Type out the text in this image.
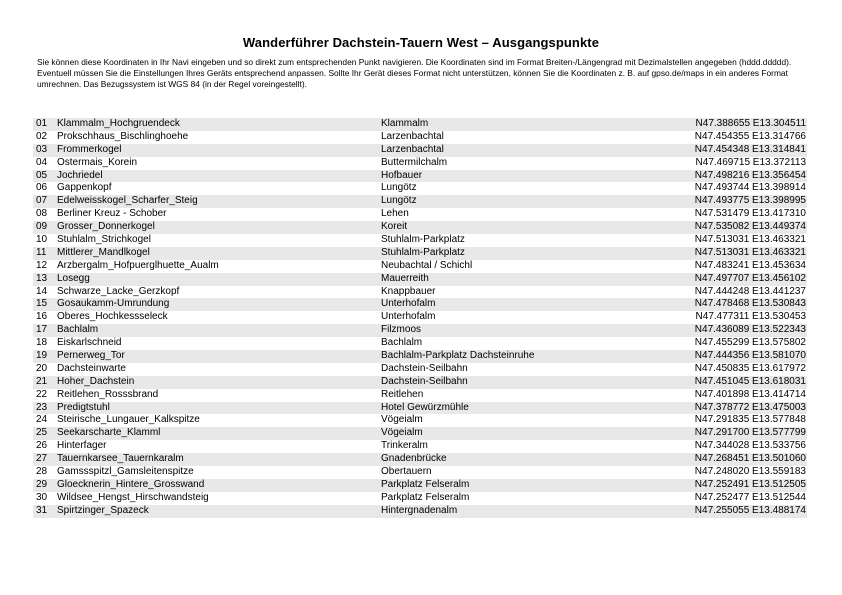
Wanderführer Dachstein-Tauern West – Ausgangspunkte

Sie können diese Koordinaten in Ihr Navi eingeben und so direkt zum entsprechenden Punkt navigieren. Die Koordinaten sind im Format Breiten-/Längengrad mit Dezimalstellen angegeben (hddd.ddddd).

Eventuell müssen Sie die Einstellungen Ihres Geräts entsprechend anpassen. Sollte Ihr Gerät dieses Format nicht unterstützen, können Sie die Koordinaten z. B. auf gpso.de/maps in ein anderes Format umrechnen. Das Bezugssystem ist WGS 84 (in der Regel voreingestellt).

01 Klammalm_Hochgruendeck	Klammalm	N47.388655 E13.304511
02 Prokschhaus_Bischlinghoehe	Larzenbachtal	N47.454355 E13.314766
03 Frommerkogel	Larzenbachtal	N47.454348 E13.314841
04 Ostermais_Korein	Buttermilchalm	N47.469715 E13.372113
05 Jochriedel	Hofbauer	N47.498216 E13.356454
06 Gappenkopf	Lungötz	N47.493744 E13.398914
07 Edelweisskogel_Scharfer_Steig	Lungötz	N47.493775 E13.398995
08 Berliner Kreuz - Schober	Lehen	N47.531479 E13.417310
09 Grosser_Donnerkogel	Koreit	N47.535082 E13.449374
10 Stuhlalm_Strichkogel	Stuhlalm-Parkplatz	N47.513031 E13.463321
11 Mittlerer_Mandlkogel	Stuhlalm-Parkplatz	N47.513031 E13.463321
12 Arzbergalm_Hofpuerglhuette_Aualm	Neubachtal / Schichl	N47.483241 E13.453634
13 Losegg	Mauerreith	N47.497707 E13.456102
14 Schwarze_Lacke_Gerzkopf	Knappbauer	N47.444248 E13.441237
15 Gosaukamm-Umrundung	Unterhofalm	N47.478468 E13.530843
16 Oberes_Hochkessseleck	Unterhofalm	N47.477311 E13.530453
17 Bachlalm	Filzmoos	N47.436089 E13.522343
18 Eiskarlschneid	Bachlalm	N47.455299 E13.575802
19 Pernerweg_Tor	Bachlalm-Parkplatz Dachsteinruhe	N47.444356 E13.581070
20 Dachsteinwarte	Dachstein-Seilbahn	N47.450835 E13.617972
21 Hoher_Dachstein	Dachstein-Seilbahn	N47.451045 E13.618031
22 Reitlehen_Rosssbrand	Reitlehen	N47.401898 E13.414714
23 Predigtstuhl	Hotel Gewürzmühle	N47.378772 E13.475003
24 Steirische_Lungauer_Kalkspitze	Vögeialm	N47.291835 E13.577848
25 Seekarscharte_Klamml	Vögeialm	N47.291700 E13.577799
26 Hinterfager	Trinkeralm	N47.344028 E13.533756
27 Tauernkarsee_Tauernkaralm	Gnadenbrücke	N47.268451 E13.501060
28 Gamssspitzl_Gamsleitenspitze	Obertauern	N47.248020 E13.559183
29 Gloecknerin_Hintere_Grosswand	Parkplatz Felseralm	N47.252491 E13.512505
30 Wildsee_Hengst_Hirschwandsteig	Parkplatz Felseralm	N47.252477 E13.512544
31 Spirtzinger_Spazeck	Hintergnadenalm	N47.255055 E13.488174
